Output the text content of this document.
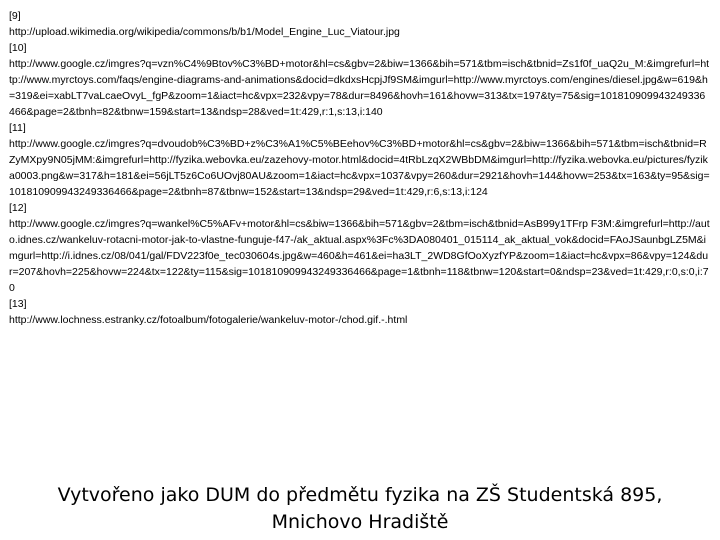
[9]
http://upload.wikimedia.org/wikipedia/commons/b/b1/Model_Engine_Luc_Viatour.jpg
[10]
http://www.google.cz/imgres?q=vzn%C4%9Btov%C3%BD+motor&hl=cs&gbv=2&biw=1366&bih=571&tbm=isch&tbnid=Zs1f0f_uaQ2u_M:&imgrefurl=http://www.myrctoys.com/faqs/engine-diagrams-and-animations&docid=dkdxsHcpjJf9SM&imgurl=http://www.myrctoys.com/engines/diesel.jpg&w=619&h=319&ei=xabLT7vaLcaeOvyL_fgP&zoom=1&iact=hc&vpx=232&vpy=78&dur=8496&hovh=161&hovw=313&tx=197&ty=75&sig=101810909943249336466&page=2&tbnh=82&tbnw=159&start=13&ndsp=28&ved=1t:429,r:1,s:13,i:140
[11]
http://www.google.cz/imgres?q=dvoudob%C3%BD+z%C3%A1%C5%BEehov%C3%BD+motor&hl=cs&gbv=2&biw=1366&bih=571&tbm=isch&tbnid=RZyMXpy9N05jMM:&imgrefurl=http://fyzika.webovka.eu/zazehovy-motor.html&docid=4tRbLzqX2WBbDM&imgurl=http://fyzika.webovka.eu/pictures/fyzika0003.png&w=317&h=181&ei=56jLT5z6Co6UOvj80AU&zoom=1&iact=hc&vpx=1037&vpy=260&dur=2921&hovh=144&hovw=253&tx=163&ty=95&sig=101810909943249336466&page=2&tbnh=87&tbnw=152&start=13&ndsp=29&ved=1t:429,r:6,s:13,i:124
[12]
http://www.google.cz/imgres?q=wankel%C5%AFv+motor&hl=cs&biw=1366&bih=571&gbv=2&tbm=isch&tbnid=AsB99y1TFrp F3M:&imgrefurl=http://auto.idnes.cz/wankeluv-rotacni-motor-jak-to-vlastne-funguje-f47-/ak_aktual.aspx%3Fc%3DA080401_015114_ak_aktual_vok&docid=FAoJSaunbgLZ5M&imgurl=http://i.idnes.cz/08/041/gal/FDV223f0e_tec030604s.jpg&w=460&h=461&ei=ha3LT_2WD8GfOoXyzfYP&zoom=1&iact=hc&vpx=86&vpy=124&dur=207&hovh=225&hovw=224&tx=122&ty=115&sig=101810909943249336466&page=1&tbnh=118&tbnw=120&start=0&ndsp=23&ved=1t:429,r:0,s:0,i:70
[13]
http://www.lochness.estranky.cz/fotoalbum/fotogalerie/wankeluv-motor-/chod.gif.-.html
Vytvořeno jako DUM do předmětu fyzika na ZŠ Studentská 895,
Mnichovo Hradiště
